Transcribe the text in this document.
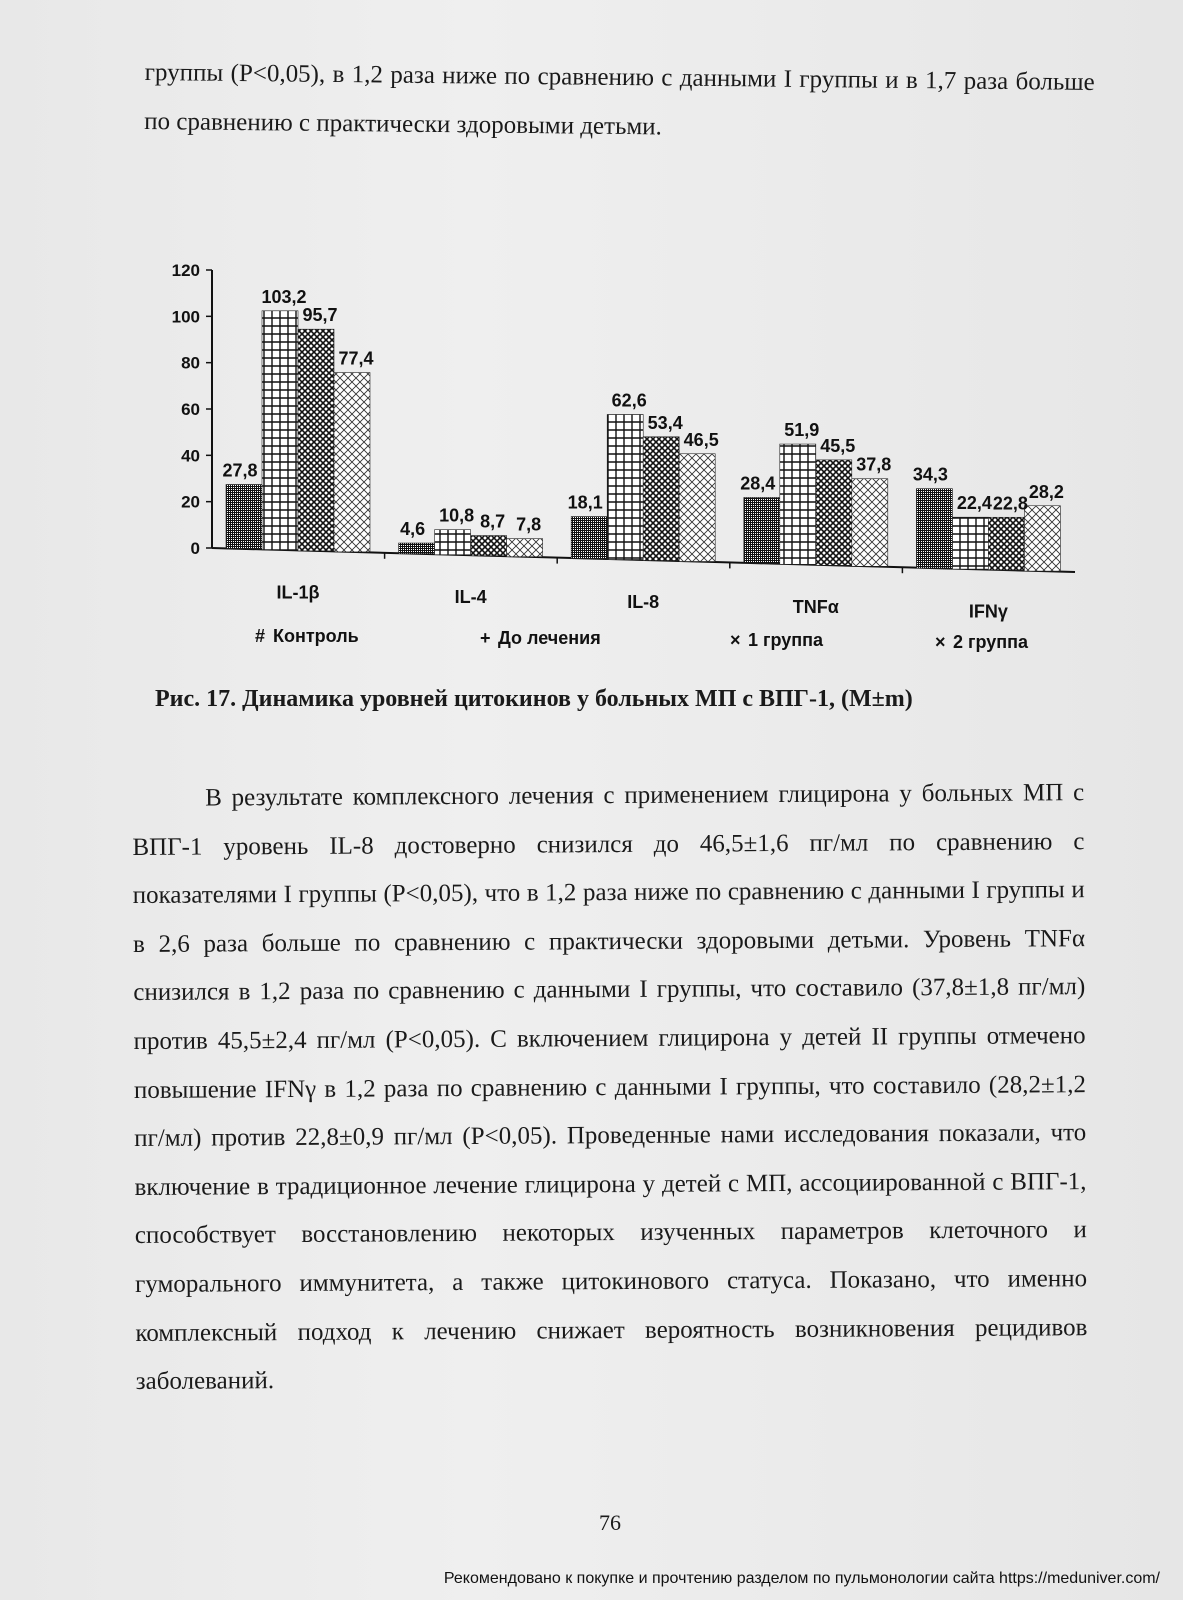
группы (P<0,05), в 1,2 раза ниже по сравнению с данными I группы и в 1,7 раза больше по сравнению с практически здоровыми детьми.
0
20
40
60
80
100
120
IL-1β	IL-4	IL-8	TNFα	IFNγ
27,8
103,2
95,7
77,4
4,6
10,8 8,7 7,8
18,1
62,6
53,4
46,5
28,4
51,9
45,5
37,8 34,3
22,4 22,8
28,2
# Контроль	+ До лечения	× 1 группа	× 2 группа
Рис. 17. Динамика уровней цитокинов у больных МП с ВПГ-1, (M±m)
В результате комплексного лечения с применением глицирона у больных МП с ВПГ-1 уровень IL-8 достоверно снизился до 46,5±1,6 пг/мл по сравнению с показателями I группы (P<0,05), что в 1,2 раза ниже по сравнению с данными I группы и в 2,6 раза больше по сравнению с практически здоровыми детьми. Уровень TNFα снизился в 1,2 раза по сравнению с данными I группы, что составило (37,8±1,8 пг/мл) против 45,5±2,4 пг/мл (P<0,05). С включением глицирона у детей II группы отмечено повышение IFNγ в 1,2 раза по сравнению с данными I группы, что составило (28,2±1,2 пг/мл) против 22,8±0,9 пг/мл (P<0,05). Проведенные нами исследования показали, что включение в традиционное лечение глицирона у детей с МП, ассоциированной с ВПГ-1, способствует восстановлению некоторых изученных параметров клеточного и гуморального иммунитета, а также цитокинового статуса. Показано, что именно комплексный подход к лечению снижает вероятность возникновения рецидивов заболеваний.
76
Рекомендовано к покупке и прочтению разделом по пульмонологии сайта https://meduniver.com/
